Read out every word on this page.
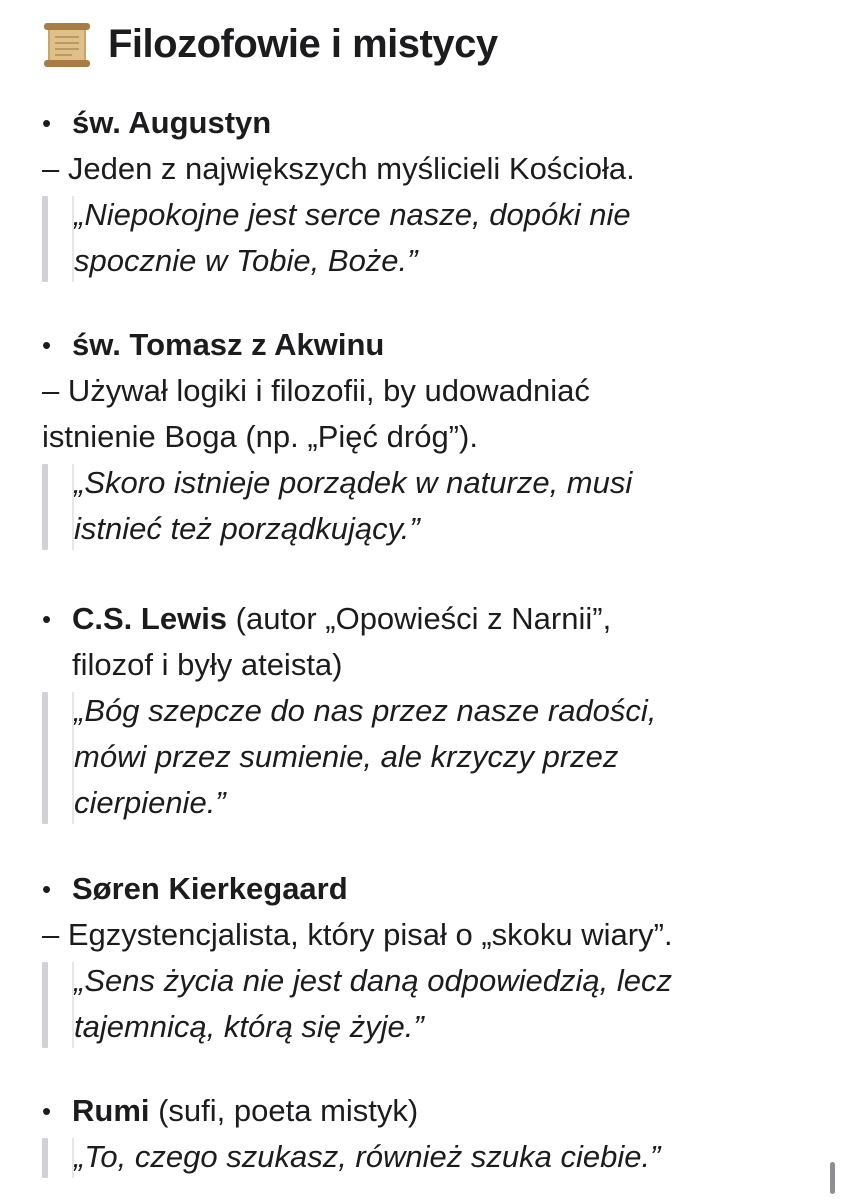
Filozofowie i mistycy
• św. Augustyn
– Jeden z największych myślicieli Kościoła.
„Niepokojne jest serce nasze, dopóki nie
spocznie w Tobie, Boże.”
• św. Tomasz z Akwinu
– Używał logiki i filozofii, by udowadniać
istnienie Boga (np. „Pięć dróg”).
„Skoro istnieje porządek w naturze, musi
istnieć też porządkujący.”
• C.S. Lewis (autor „Opowieści z Narnii”,
filozof i były ateista)
„Bóg szepcze do nas przez nasze radości,
mówi przez sumienie, ale krzyczy przez
cierpienie.”
• Søren Kierkegaard
– Egzystencjalista, który pisał o „skoku wiary”.
„Sens życia nie jest daną odpowiedzią, lecz
tajemnicą, którą się żyje.”
• Rumi (sufi, poeta mistyk)
„To, czego szukasz, również szuka ciebie.”
